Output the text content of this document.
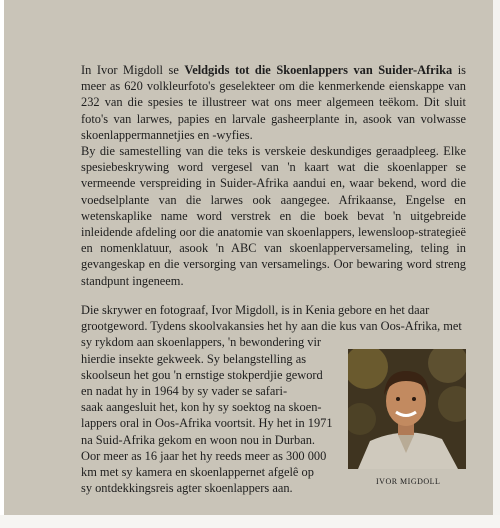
In Ivor Migdoll se Veldgids tot die Skoenlappers van Suider-Afrika is meer as 620 volkleurfoto's geselekteer om die kenmerkende eienskappe van 232 van die spesies te illustreer wat ons meer algemeen teëkom. Dit sluit foto's van larwes, papies en larvale gasheerplante in, asook van volwasse skoenlappermannetjies en -wyfies.

By die samestelling van die teks is verskeie deskundiges geraadpleeg. Elke spesiebeskrywing word vergesel van 'n kaart wat die skoenlapper se vermeende verspreiding in Suider-Afrika aandui en, waar bekend, word die voedselplante van die larwes ook aangegee. Afrikaanse, Engelse en wetenskaplike name word verstrek en die boek bevat 'n uitgebreide inleidende afdeling oor die anatomie van skoenlappers, lewensloop-strategieë en nomenklatuur, asook 'n ABC van skoenlapperversameling, teling in gevangeskap en die versorging van versamelings. Oor bewaring word streng standpunt ingeneem.

Die skrywer en fotograaf, Ivor Migdoll, is in Kenia gebore en het daar
grootgeword. Tydens skoolvakansies het hy aan die kus van Oos-Afrika, met
sy rykdom aan skoenlappers, 'n bewondering vir
hierdie insekte gekweek. Sy belangstelling as
skoolseun het gou 'n ernstige stokperdjie geword
en nadat hy in 1964 by sy vader se safari-
saak aangesluit het, kon hy sy soektog na skoen-
lappers oral in Oos-Afrika voortsit. Hy het in 1971
na Suid-Afrika gekom en woon nou in Durban.
Oor meer as 16 jaar het hy reeds meer as 300 000
km met sy kamera en skoenlappernet afgelê op
sy ontdekkingsreis agter skoenlappers aan.	IVOR MIGDOLL
